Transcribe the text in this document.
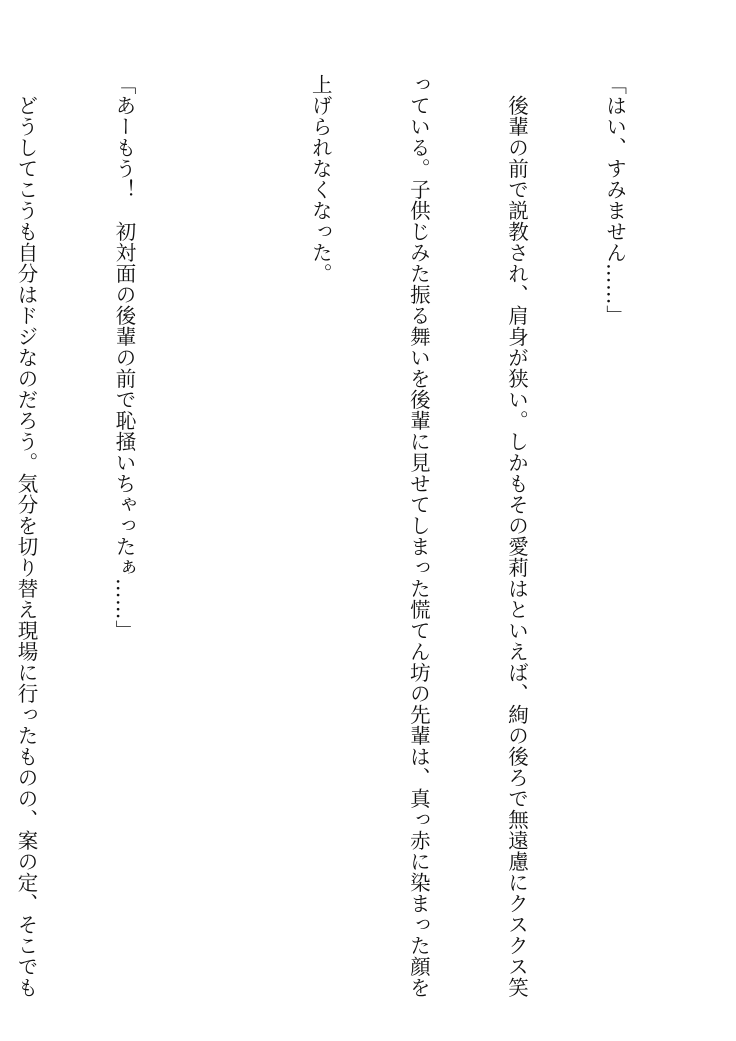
「はい、すみません……」

　後輩の前で説教され、肩身が狭い。しかもその愛莉はといえば、絢の後ろで無遠慮にクスクス笑

っている。子供じみた振る舞いを後輩に見せてしまった慌てん坊の先輩は、真っ赤に染まった顔を

上げられなくなった。

「あーもう！　初対面の後輩の前で恥掻いちゃったぁ……」

　どうしてこうも自分はドジなのだろう。気分を切り替え現場に行ったものの、案の定、そこでも
